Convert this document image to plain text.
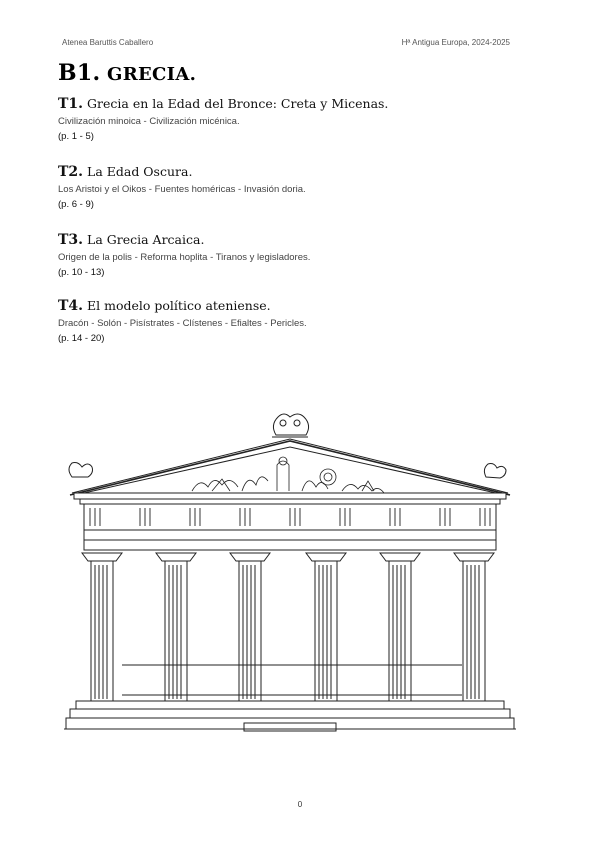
Atenea Baruttis Caballero	Hª Antigua Europa, 2024-2025
B1. GRECIA.

T1. Grecia en la Edad del Bronce: Creta y Micenas.

Civilización minoica - Civilización micénica.
(p. 1 - 5)

T2. La Edad Oscura.

Los Aristoi y el Oikos - Fuentes homéricas - Invasión doria.
(p. 6 - 9)

T3. La Grecia Arcaica.

Origen de la polis - Reforma hoplita - Tiranos y legisladores.
(p. 10 - 13)

T4. El modelo político ateniense.

Dracón - Solón - Pisístrates - Clístenes - Efialtes - Pericles.
(p. 14 - 20)
0
